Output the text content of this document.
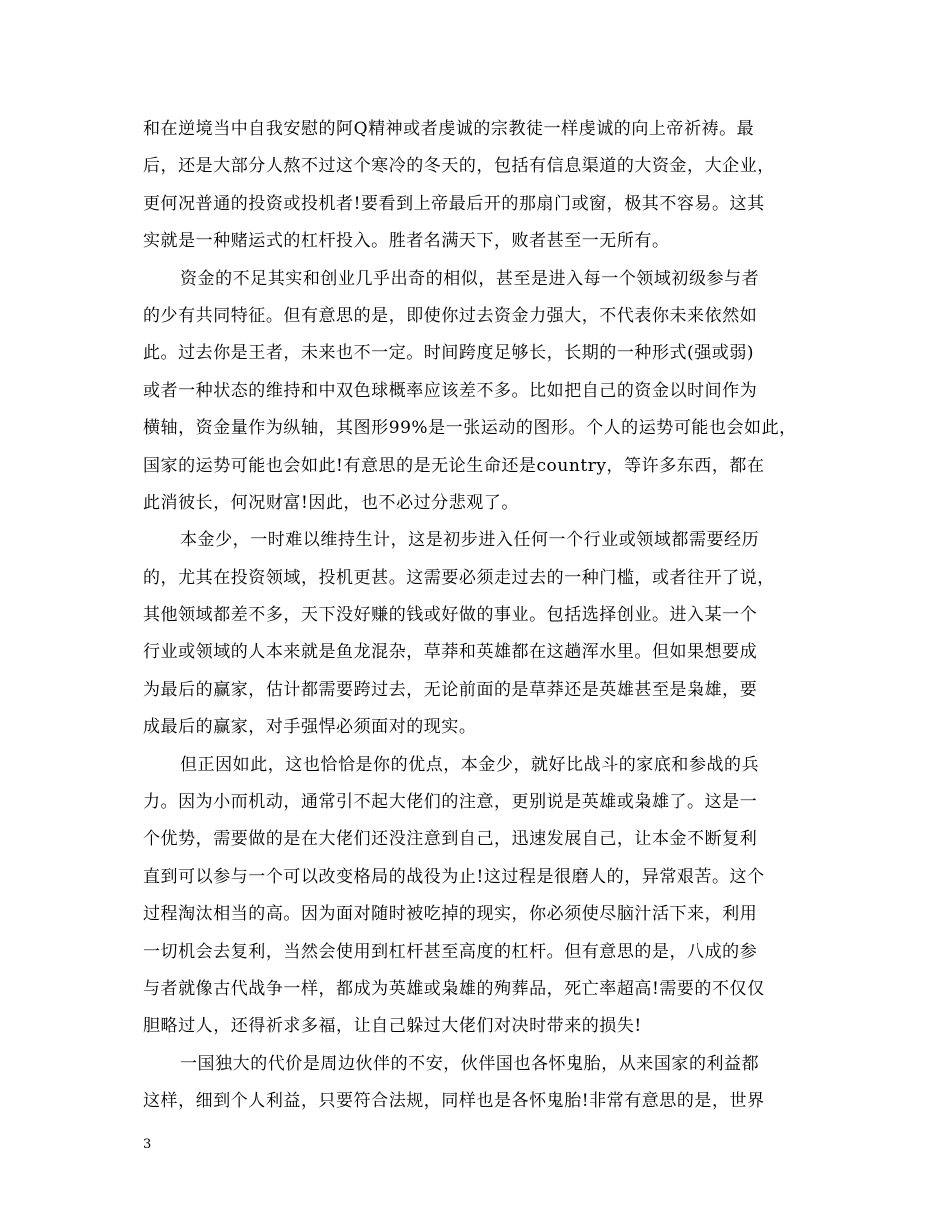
和在逆境当中自我安慰的阿Q精神或者虔诚的宗教徒一样虔诚的向上帝祈祷。最
后，还是大部分人熬不过这个寒冷的冬天的，包括有信息渠道的大资金，大企业，
更何况普通的投资或投机者!要看到上帝最后开的那扇门或窗，极其不容易。这其
实就是一种赌运式的杠杆投入。胜者名满天下，败者甚至一无所有。
资金的不足其实和创业几乎出奇的相似，甚至是进入每一个领域初级参与者
的少有共同特征。但有意思的是，即使你过去资金力强大，不代表你未来依然如
此。过去你是王者，未来也不一定。时间跨度足够长，长期的一种形式(强或弱)
或者一种状态的维持和中双色球概率应该差不多。比如把自己的资金以时间作为
横轴，资金量作为纵轴，其图形99%是一张运动的图形。个人的运势可能也会如此，
国家的运势可能也会如此!有意思的是无论生命还是country，等许多东西，都在
此消彼长，何况财富!因此，也不必过分悲观了。
本金少，一时难以维持生计，这是初步进入任何一个行业或领域都需要经历
的，尤其在投资领域，投机更甚。这需要必须走过去的一种门槛，或者往开了说，
其他领域都差不多，天下没好赚的钱或好做的事业。包括选择创业。进入某一个
行业或领域的人本来就是鱼龙混杂，草莽和英雄都在这趟浑水里。但如果想要成
为最后的赢家，估计都需要跨过去，无论前面的是草莽还是英雄甚至是枭雄，要
成最后的赢家，对手强悍必须面对的现实。
但正因如此，这也恰恰是你的优点，本金少，就好比战斗的家底和参战的兵
力。因为小而机动，通常引不起大佬们的注意，更别说是英雄或枭雄了。这是一
个优势，需要做的是在大佬们还没注意到自己，迅速发展自己，让本金不断复利
直到可以参与一个可以改变格局的战役为止!这过程是很磨人的，异常艰苦。这个
过程淘汰相当的高。因为面对随时被吃掉的现实，你必须使尽脑汁活下来，利用
一切机会去复利，当然会使用到杠杆甚至高度的杠杆。但有意思的是，八成的参
与者就像古代战争一样，都成为英雄或枭雄的殉葬品，死亡率超高!需要的不仅仅
胆略过人，还得祈求多福，让自己躲过大佬们对决时带来的损失!
一国独大的代价是周边伙伴的不安，伙伴国也各怀鬼胎，从来国家的利益都
这样，细到个人利益，只要符合法规，同样也是各怀鬼胎!非常有意思的是，世界
3
